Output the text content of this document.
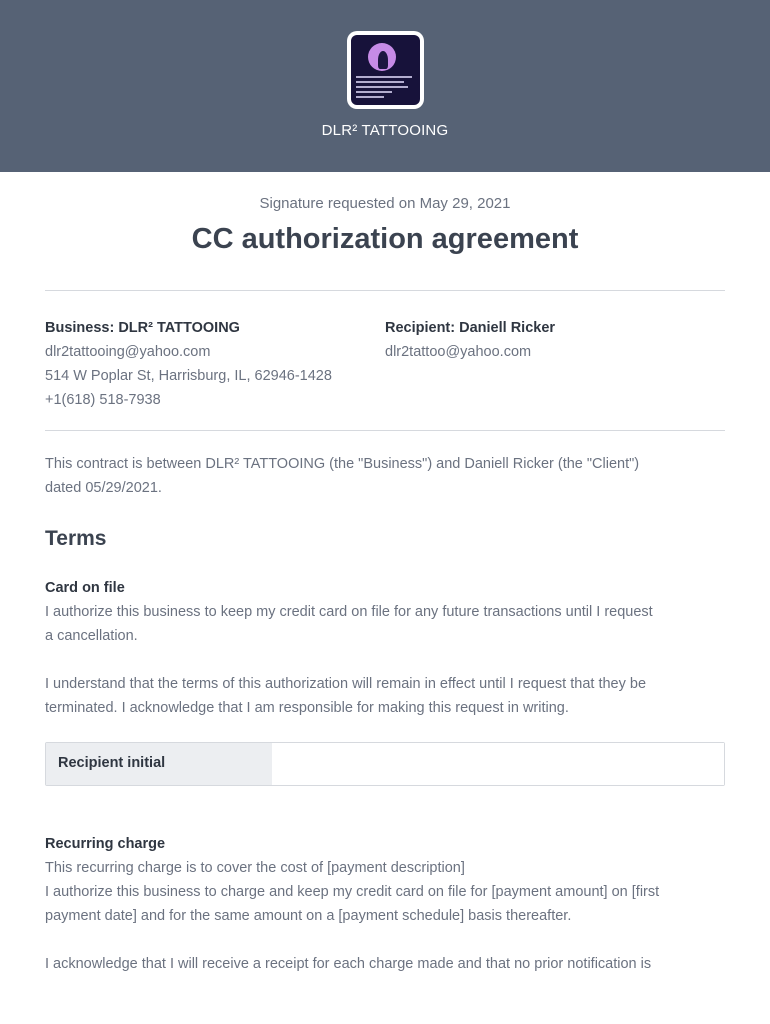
DLR² TATTOOING
Signature requested on May 29, 2021
CC authorization agreement
Business: DLR² TATTOOING
dlr2tattooing@yahoo.com
514 W Poplar St, Harrisburg, IL, 62946-1428
+1(618) 518-7938
Recipient: Daniell Ricker
dlr2tattoo@yahoo.com
This contract is between DLR² TATTOOING (the "Business") and Daniell Ricker (the "Client")
dated 05/29/2021.
Terms
Card on file
I authorize this business to keep my credit card on file for any future transactions until I request
a cancellation.
I understand that the terms of this authorization will remain in effect until I request that they be
terminated. I acknowledge that I am responsible for making this request in writing.
Recipient initial
Recurring charge
This recurring charge is to cover the cost of [payment description]
I authorize this business to charge and keep my credit card on file for [payment amount] on [first
payment date] and for the same amount on a [payment schedule] basis thereafter.
I acknowledge that I will receive a receipt for each charge made and that no prior notification is
